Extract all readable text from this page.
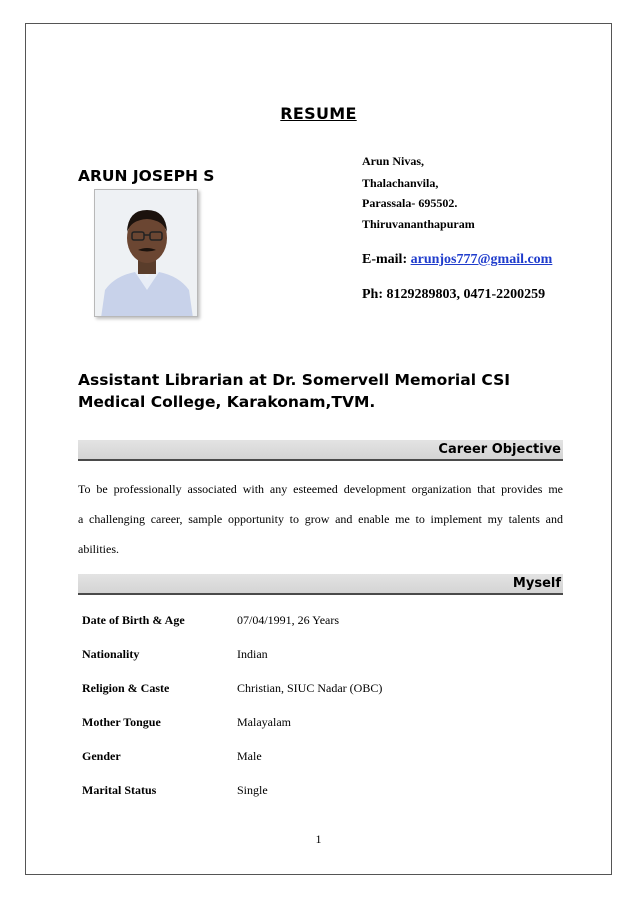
RESUME
ARUN JOSEPH S
Arun Nivas,
Thalachanvila,
Parassala- 695502.
Thiruvananthapuram
E-mail: arunjos777@gmail.com
Ph: 8129289803, 0471-2200259
Assistant Librarian at Dr. Somervell Memorial CSI Medical College, Karakonam,TVM.
Career Objective
To be professionally associated with any esteemed development organization that provides me a challenging career, sample opportunity to grow and enable me to implement my talents and abilities.
Myself
Date of Birth & Age	07/04/1991, 26 Years
Nationality	Indian
Religion & Caste	Christian, SIUC Nadar (OBC)
Mother Tongue	Malayalam
Gender	Male
Marital Status	Single
1
